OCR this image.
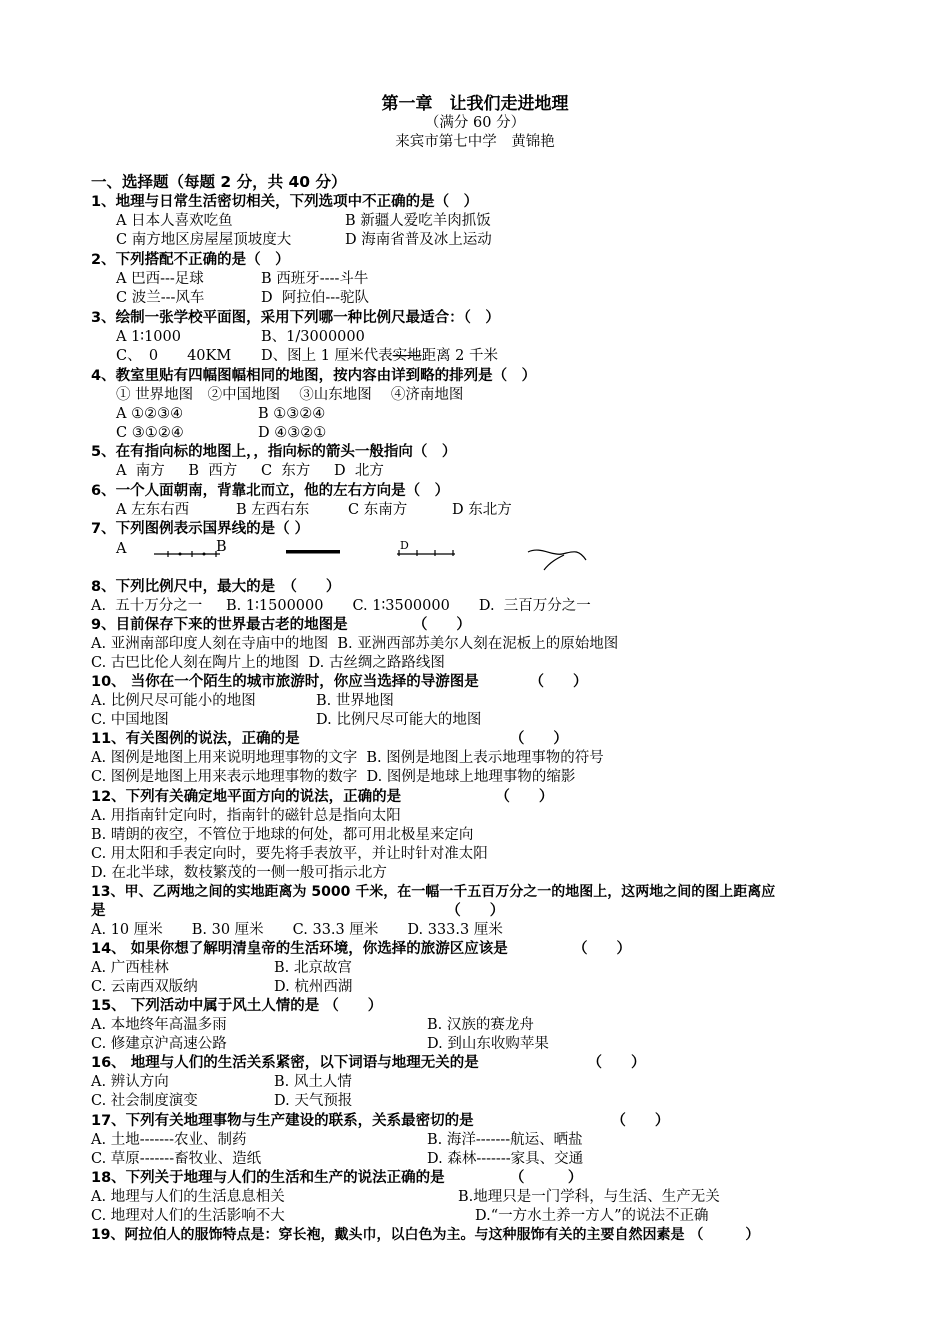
第一章　让我们走进地理
（满分 60 分）
来宾市第七中学　黄锦艳
一、选择题（每题 2 分，共 40 分）
1、地理与日常生活密切相关，下列选项中不正确的是（　）
A 日本人喜欢吃鱼	B 新疆人爱吃羊肉抓饭
C 南方地区房屋屋顶坡度大	D 海南省普及冰上运动
2、下列搭配不正确的是（　）
A 巴西---足球	B 西班牙----斗牛
C 波兰---风车	D  阿拉伯---驼队
3、绘制一张学校平面图，采用下列哪一种比例尺最适合：（　）
A 1∶1000	B、1/3000000
C、　0　　40KM D、图上 1 厘米代表实地距离 2 千米
4、教室里贴有四幅图幅相同的地图，按内容由详到略的排列是（　）
① 世界地图　②中国地图　 ③山东地图　 ④济南地图
A ①②③④	B ①③②④
C ③①②④	D ④③②①
5、在有指向标的地图上，，指向标的箭头一般指向（　）
A  南方　  B  西方　  C  东方 　 D  北方
6、一个人面朝南，背靠北而立，他的左右方向是（　）
A 左东右西	B 左西右东	C 东南方	D 东北方
7、下列图例表示国界线的是（ ）
A	B	D
8、下列比例尺中，最大的是　（　　）
A.  五十万分之一　  B. 1∶1500000　　C. 1∶3500000　　D.  三百万分之一
9、目前保存下来的世界最古老的地图是　　　　　（　　）
A. 亚洲南部印度人刻在寺庙中的地图  B. 亚洲西部苏美尔人刻在泥板上的原始地图
C. 古巴比伦人刻在陶片上的地图  D. 古丝绸之路路线图
10、 当你在一个陌生的城市旅游时，你应当选择的导游图是　　　　（　　）
A. 比例尺尽可能小的地图	B. 世界地图
C. 中国地图	D. 比例尺尽可能大的地图
11、有关图例的说法，正确的是　　　　　　　　　　　　　　　（　　）
A. 图例是地图上用来说明地理事物的文字  B. 图例是地图上表示地理事物的符号
C. 图例是地图上用来表示地理事物的数字  D. 图例是地球上地理事物的缩影
12、下列有关确定地平面方向的说法，正确的是　　　　　　　（　　）
A. 用指南针定向时，指南针的磁针总是指向太阳
B. 晴朗的夜空，不管位于地球的何处，都可用北极星来定向
C. 用太阳和手表定向时，要先将手表放平，并让时针对准太阳
D. 在北半球，数枝繁茂的一侧一般可指示北方
13、甲、乙两地之间的实地距离为 5000 千米，在一幅一千五百万分之一的地图上，这两地之间的图上距离应
是　　　　　　　　　　　　　　　　　　　　　　　　（　　）
A. 10 厘米　　B. 30 厘米　　C. 33.3 厘米　　D. 333.3 厘米
14、 如果你想了解明清皇帝的生活环境，你选择的旅游区应该是　　　　　（　　）
A. 广西桂林	B. 北京故宫
C. 云南西双版纳	D. 杭州西湖
15、 下列活动中属于风土人情的是 （　　）
A. 本地终年高温多雨	B. 汉族的赛龙舟
C. 修建京沪高速公路	D. 到山东收购苹果
16、 地理与人们的生活关系紧密，以下词语与地理无关的是　　　　　　　　（　　）
A. 辨认方向	B. 风土人情
C. 社会制度演变	D. 天气预报
17、下列有关地理事物与生产建设的联系，关系最密切的是　　　　　　　　　　（　　）
A. 土地-------农业、制药	B. 海洋-------航运、晒盐
C. 草原-------畜牧业、造纸	D. 森林-------家具、交通
18、下列关于地理与人们的生活和生产的说法正确的是　　　　　（　　　）
A. 地理与人们的生活息息相关	B.地理只是一门学科，与生活、生产无关
C. 地理对人们的生活影响不大	D.“一方水土养一方人”的说法不正确
19、阿拉伯人的服饰特点是：穿长袍，戴头巾，以白色为主。与这种服饰有关的主要自然因素是 （　　　）
